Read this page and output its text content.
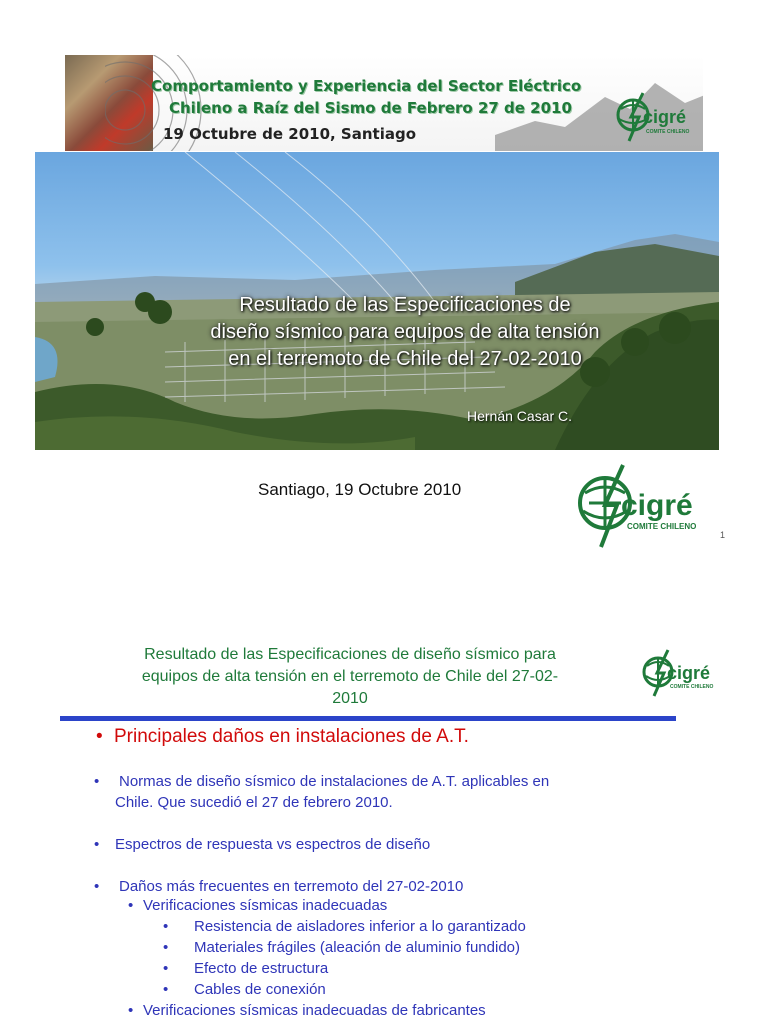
Comportamiento y Experiencia del Sector Eléctrico
Chileno a Raíz del Sismo de Febrero 27 de 2010
19 Octubre de 2010, Santiago
cigré
COMITE CHILENO
Resultado de las Especificaciones de
diseño sísmico para equipos de alta tensión
en el terremoto de Chile del 27-02-2010
Hernán Casar C.
Santiago, 19 Octubre 2010	cigré
COMITE CHILENO
1
Resultado de las Especificaciones de diseño sísmico para
equipos de alta tensión en el terremoto de Chile del 27-02-
2010
cigré
COMITE CHILENO
• Principales daños en instalaciones de A.T.
• Normas de diseño sísmico de instalaciones de A.T. aplicables en
Chile. Que sucedió el 27 de febrero 2010.
• Espectros de respuesta vs espectros de diseño
• Daños más frecuentes en terremoto del 27-02-2010
• Verificaciones sísmicas inadecuadas
• Resistencia de aisladores inferior a lo garantizado
• Materiales frágiles (aleación de aluminio fundido)
• Efecto de estructura
• Cables de conexión
• Verificaciones sísmicas inadecuadas de fabricantes
